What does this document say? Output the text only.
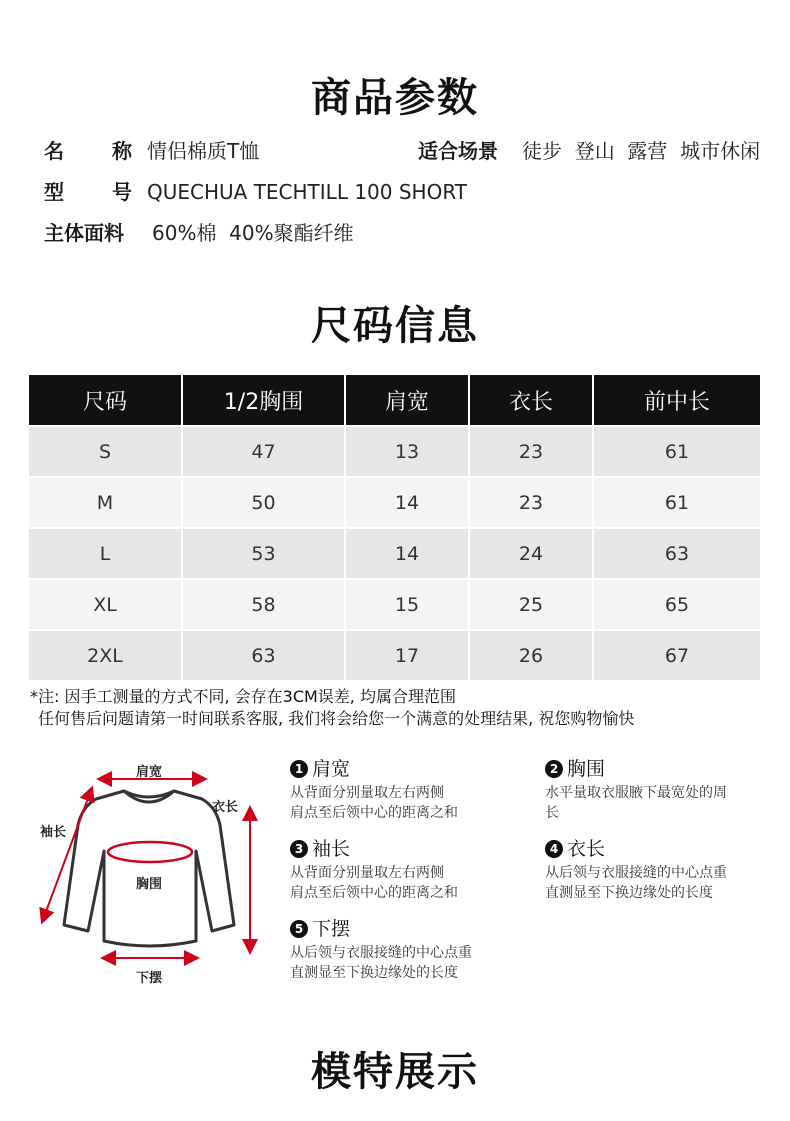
商品参数
名称 情侣棉质T恤	适合场景 徒步  登山  露营  城市休闲
型号 QUECHUA TECHTILL 100 SHORT
主体面料 60%棉  40%聚酯纤维
尺码信息
尺码	1/2胸围	肩宽	衣长	前中长
S	47	13	23	61
M	50	14	23	61
L	53	14	24	63
XL	58	15	25	65
2XL	63	17	26	67
*注: 因手工测量的方式不同, 会存在3CM误差, 均属合理范围
任何售后问题请第一时间联系客服, 我们将会给您一个满意的处理结果, 祝您购物愉快
肩宽
衣长
袖长
胸围
下摆
1 肩宽
从背面分别量取左右两侧
肩点至后领中心的距离之和
2 胸围
水平量取衣服腋下最宽处的周
长
3 袖长
从背面分别量取左右两侧
肩点至后领中心的距离之和
4 衣长
从后领与衣服接缝的中心点重
直测显至下换边缘处的长度
5 下摆
从后领与衣服接缝的中心点重
直测显至下换边缘处的长度
模特展示
